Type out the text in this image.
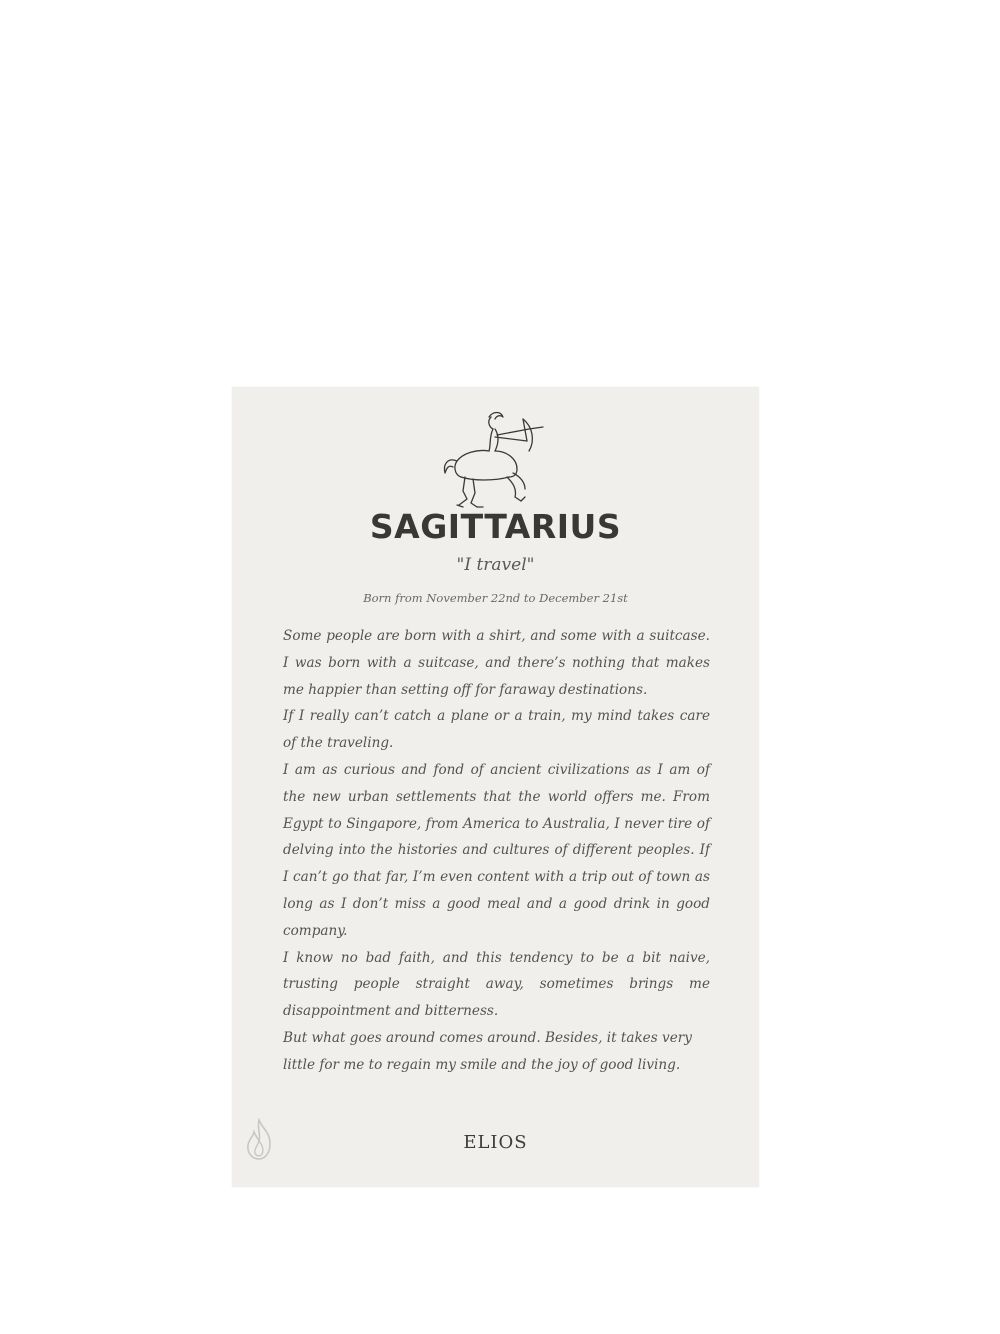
SAGITTARIUS
"I travel"
Born from November 22nd to December 21st

Some people are born with a shirt, and some with a suitcase. I was born with a suitcase, and there’s nothing that makes me happier than setting off for faraway destinations.

If I really can’t catch a plane or a train, my mind takes care of the traveling.

I am as curious and fond of ancient civilizations as I am of the new urban settlements that the world offers me. From Egypt to Singapore, from America to Australia, I never tire of delving into the histories and cultures of different peoples. If I can’t go that far, I’m even content with a trip out of town as long as I don’t miss a good meal and a good drink in good company.

I know no bad faith, and this tendency to be a bit naive, trusting people straight away, sometimes brings me disappointment and bitterness.

But what goes around comes around. Besides, it takes very little for me to regain my smile and the joy of good living.

ELIOS
